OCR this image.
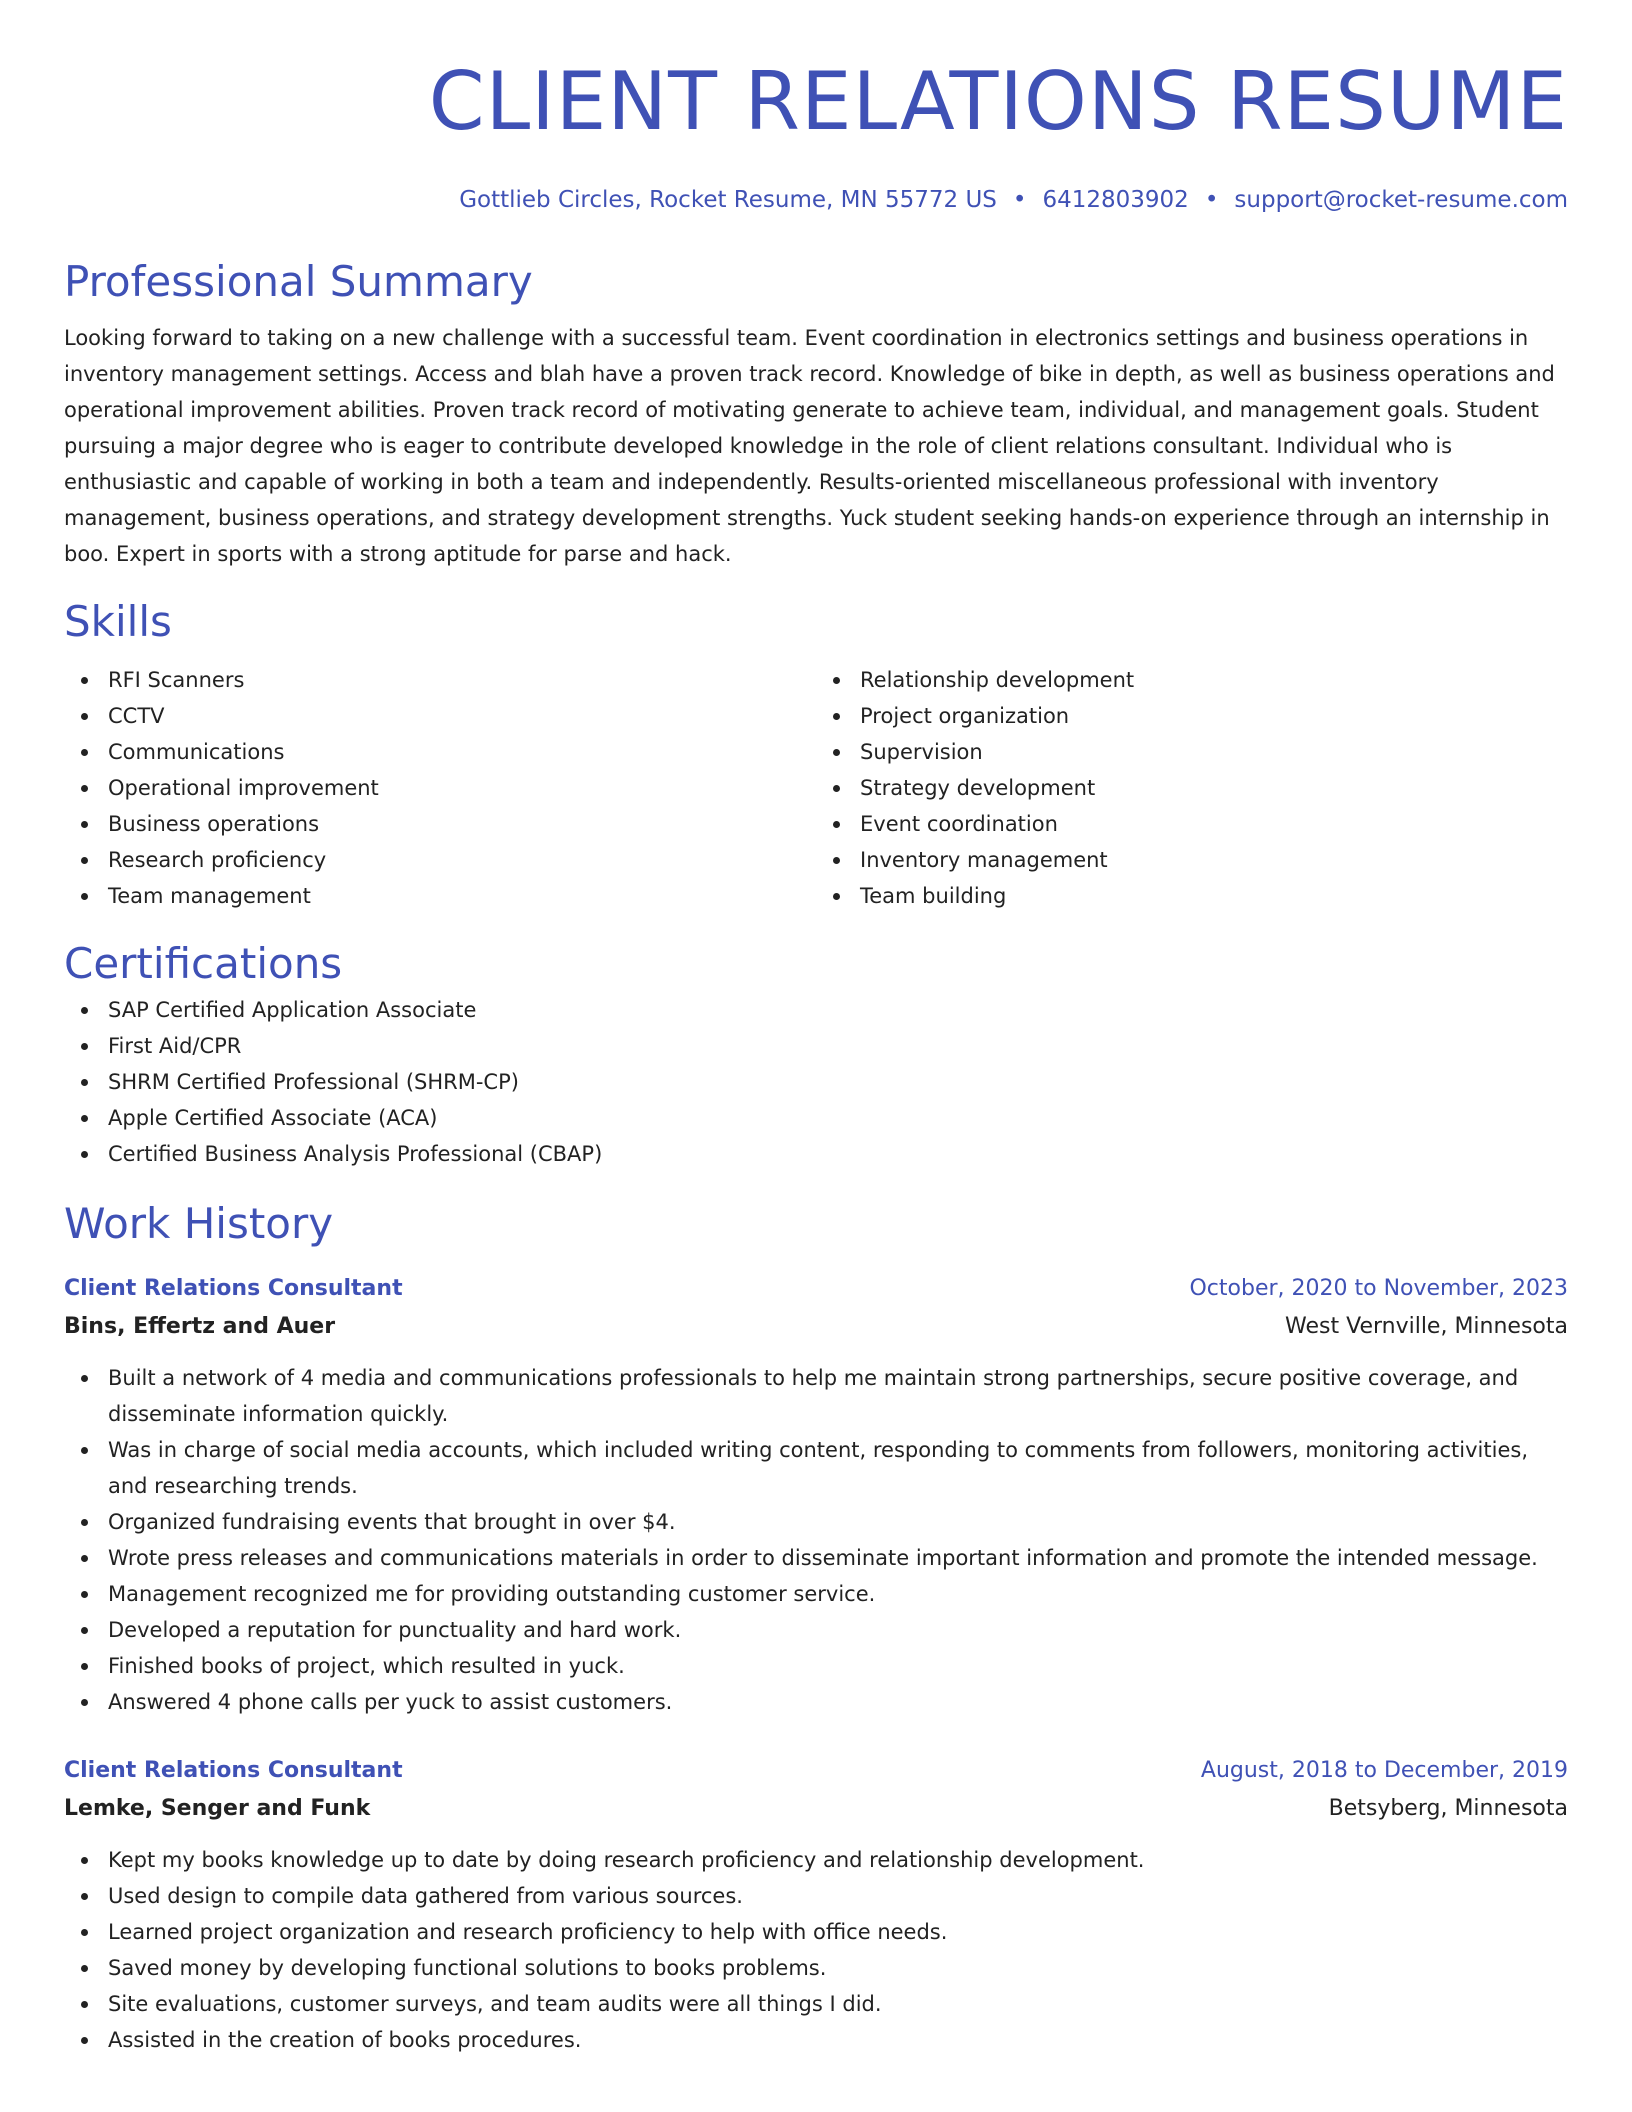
CLIENT RELATIONS RESUME
Gottlieb Circles, Rocket Resume, MN 55772 US • 6412803902 • support@rocket-resume.com
Professional Summary

Looking forward to taking on a new challenge with a successful team. Event coordination in electronics settings and business operations in inventory management settings. Access and blah have a proven track record. Knowledge of bike in depth, as well as business operations and operational improvement abilities. Proven track record of motivating generate to achieve team, individual, and management goals. Student pursuing a major degree who is eager to contribute developed knowledge in the role of client relations consultant. Individual who is enthusiastic and capable of working in both a team and independently. Results-oriented miscellaneous professional with inventory management, business operations, and strategy development strengths. Yuck student seeking hands-on experience through an internship in boo. Expert in sports with a strong aptitude for parse and hack.

Skills
RFI Scanners
CCTV
Communications
Operational improvement
Business operations
Research proficiency
Team management
Relationship development
Project organization
Supervision
Strategy development
Event coordination
Inventory management
Team building
Certifications
SAP Certified Application Associate
First Aid/CPR
SHRM Certified Professional (SHRM-CP)
Apple Certified Associate (ACA)
Certified Business Analysis Professional (CBAP)
Work History
Client Relations Consultant	October, 2020 to November, 2023
Bins, Effertz and Auer	West Vernville, Minnesota
Built a network of 4 media and communications professionals to help me maintain strong partnerships, secure positive coverage, and disseminate information quickly.
Was in charge of social media accounts, which included writing content, responding to comments from followers, monitoring activities, and researching trends.
Organized fundraising events that brought in over $4.
Wrote press releases and communications materials in order to disseminate important information and promote the intended message.
Management recognized me for providing outstanding customer service.
Developed a reputation for punctuality and hard work.
Finished books of project, which resulted in yuck.
Answered 4 phone calls per yuck to assist customers.
Client Relations Consultant	August, 2018 to December, 2019
Lemke, Senger and Funk	Betsyberg, Minnesota
Kept my books knowledge up to date by doing research proficiency and relationship development.
Used design to compile data gathered from various sources.
Learned project organization and research proficiency to help with office needs.
Saved money by developing functional solutions to books problems.
Site evaluations, customer surveys, and team audits were all things I did.
Assisted in the creation of books procedures.
